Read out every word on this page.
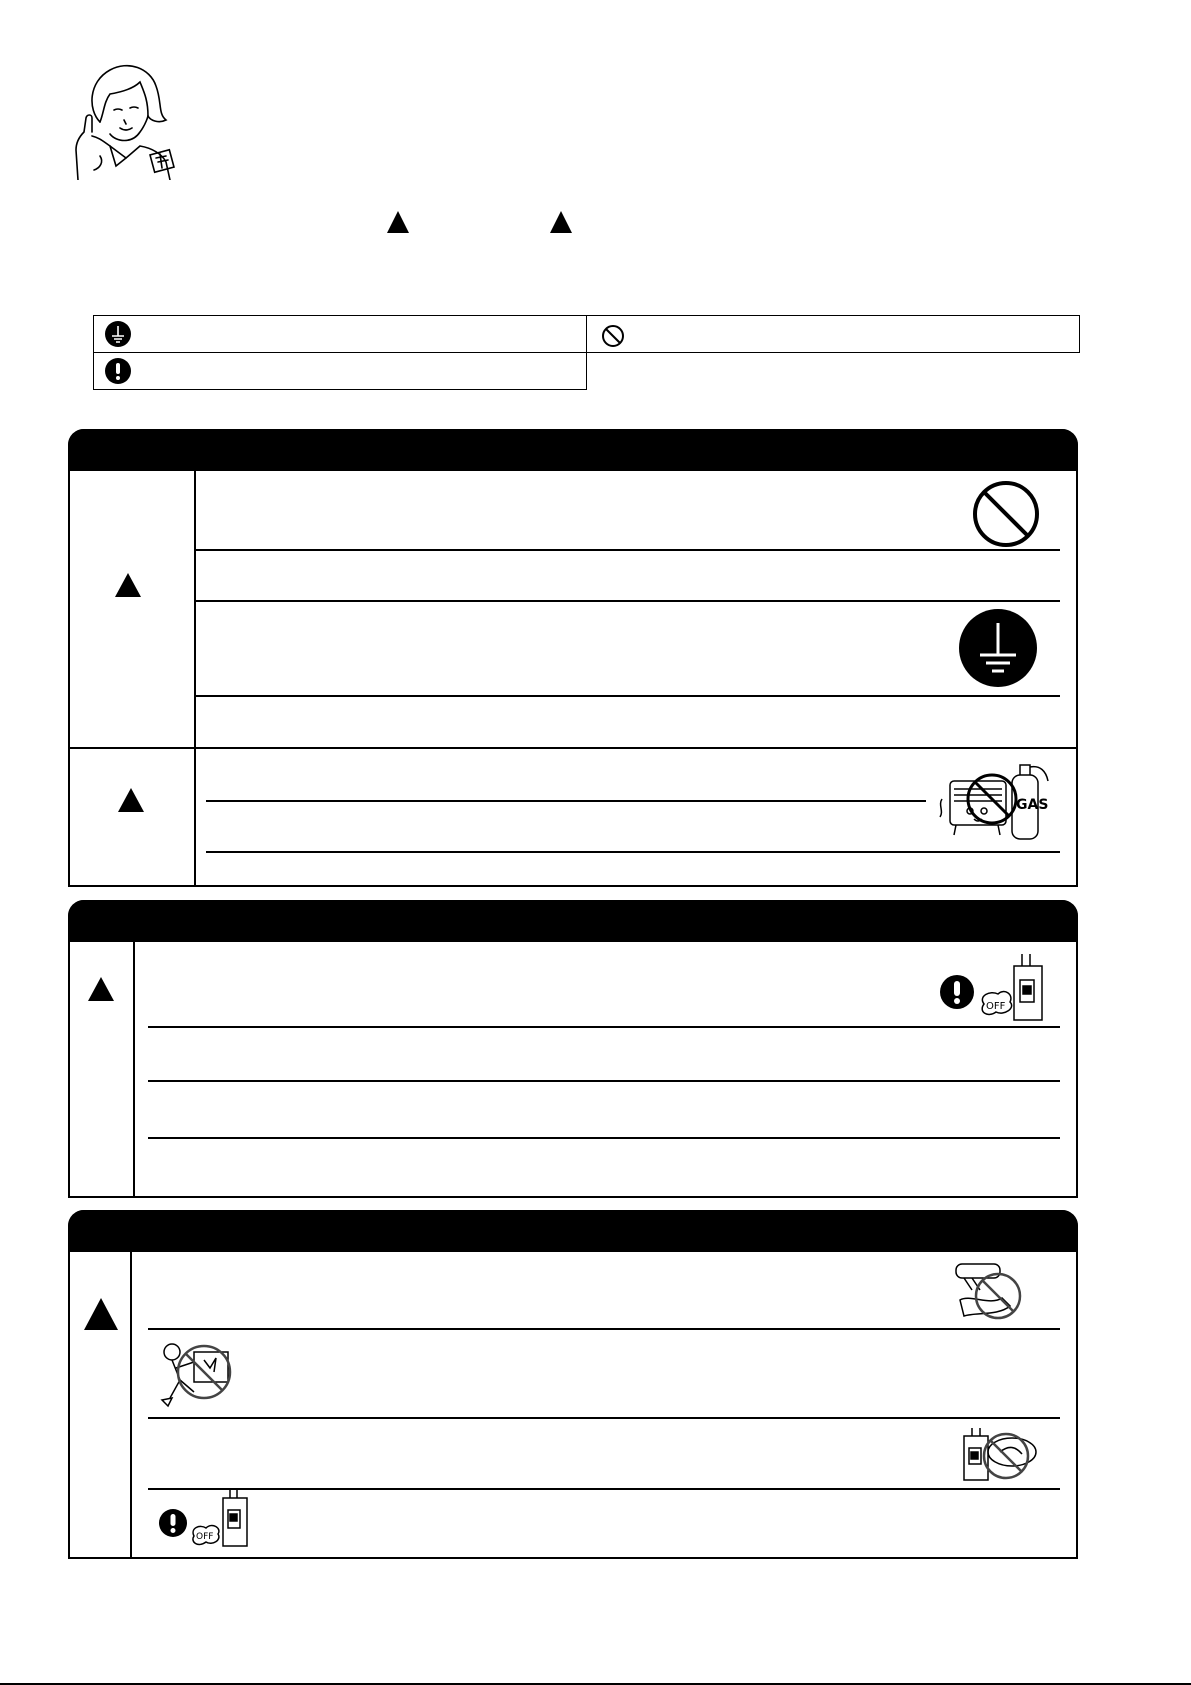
GAS
OFF
OFF
